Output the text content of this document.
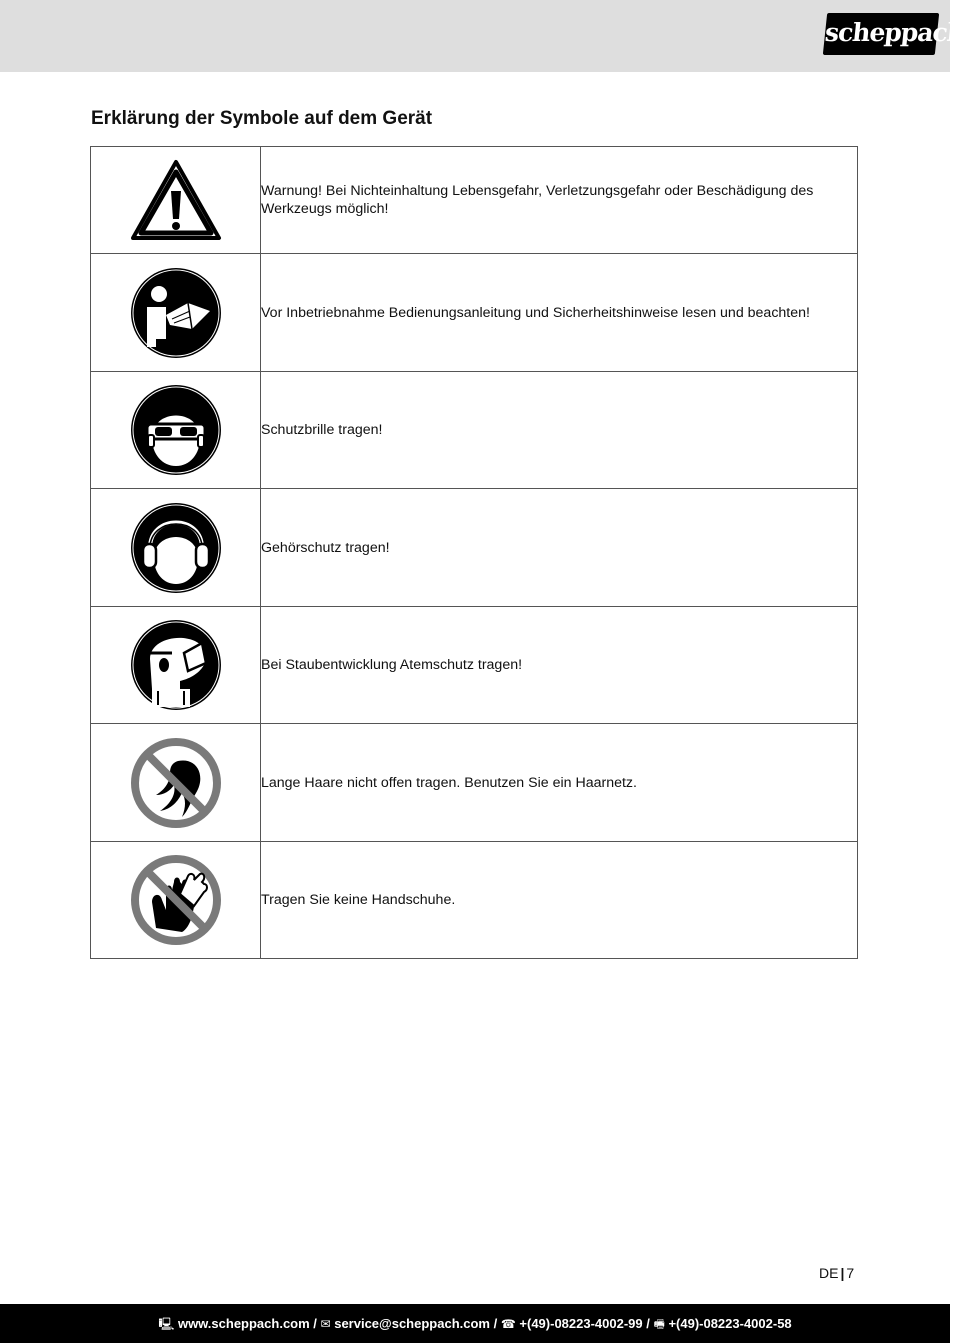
scheppach
Erklärung der Symbole auf dem Gerät
	Warnung! Bei Nichteinhaltung Lebensgefahr, Verletzungsgefahr oder Beschädigung des Werkzeugs möglich!

	Vor Inbetriebnahme Bedienungsanleitung und Sicherheitshinweise lesen und beachten!

	Schutzbrille tragen!

	Gehörschutz tragen!

	Bei Staubentwicklung Atemschutz tragen!

	Lange Haare nicht offen tragen. Benutzen Sie ein Haarnetz.

	Tragen Sie keine Handschuhe.
DE | 7
🖳 www.scheppach.com / ✉ service@scheppach.com / ☎ +(49)-08223-4002-99 / 🖷 +(49)-08223-4002-58
